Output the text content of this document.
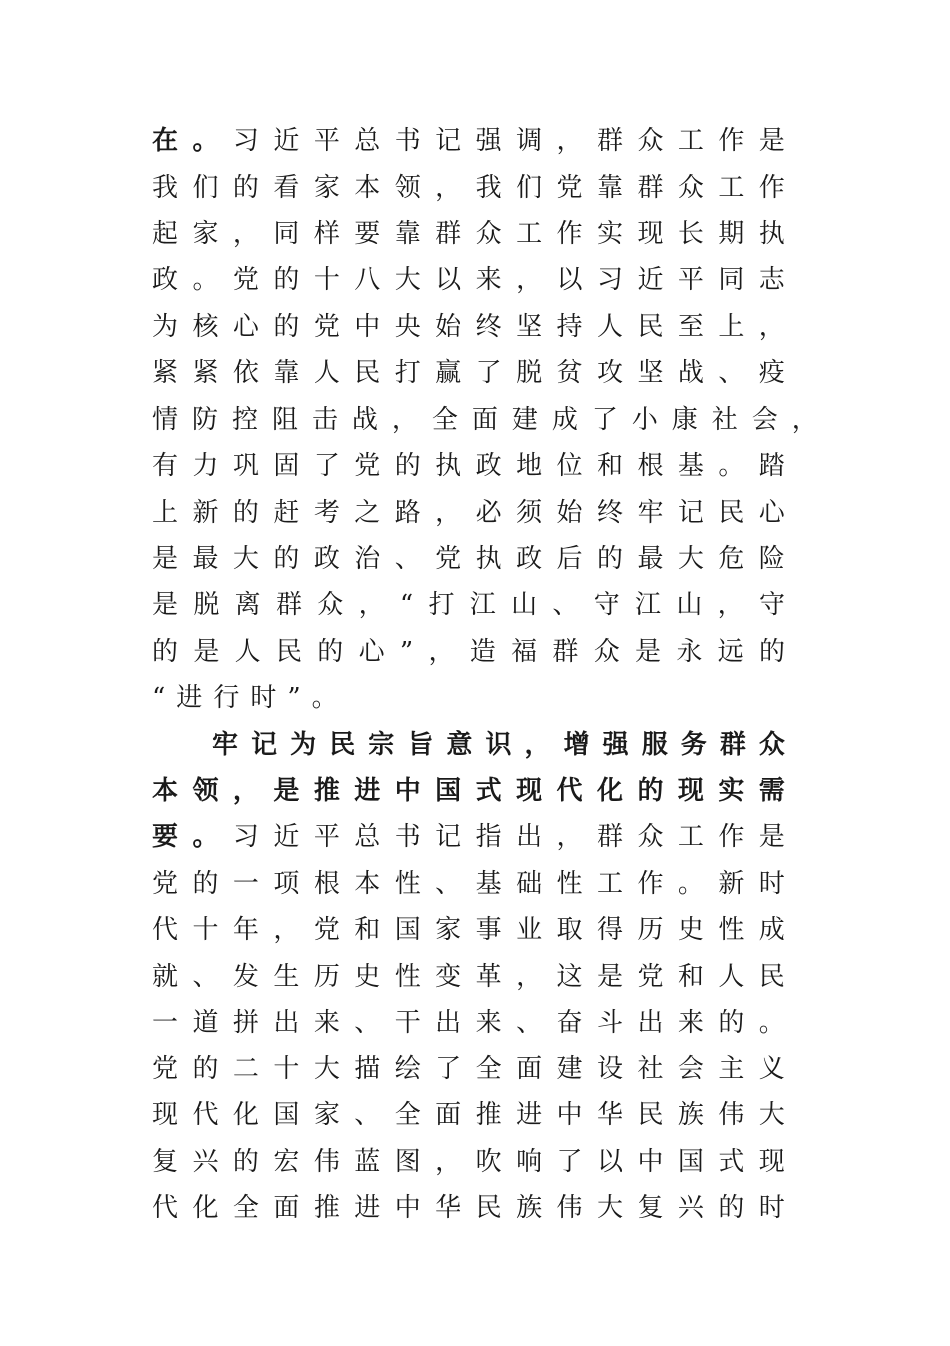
在 。 习 近 平 总 书 记 强 调 ， 群 众 工 作 是
我 们 的 看 家 本 领 ， 我 们 党 靠 群 众 工 作
起 家 ， 同 样 要 靠 群 众 工 作 实 现 长 期 执
政 。 党 的 十 八 大 以 来 ， 以 习 近 平 同 志
为 核 心 的 党 中 央 始 终 坚 持 人 民 至 上 ，
紧 紧 依 靠 人 民 打 赢 了 脱 贫 攻 坚 战 、 疫
情 防 控 阻 击 战 ， 全 面 建 成 了 小 康 社 会 ，
有 力 巩 固 了 党 的 执 政 地 位 和 根 基 。 踏
上 新 的 赶 考 之 路 ， 必 须 始 终 牢 记 民 心
是 最 大 的 政 治 、 党 执 政 后 的 最 大 危 险
是 脱 离 群 众 ， “ 打 江 山 、 守 江 山 ， 守
的 是 人 民 的 心 ” ， 造 福 群 众 是 永 远 的
“进行时”。
牢 记 为 民 宗 旨 意 识 ， 增 强 服 务 群 众
本 领 ， 是 推 进 中 国 式 现 代 化 的 现 实 需
要 。 习 近 平 总 书 记 指 出 ， 群 众 工 作 是
党 的 一 项 根 本 性 、 基 础 性 工 作 。 新 时
代 十 年 ， 党 和 国 家 事 业 取 得 历 史 性 成
就 、 发 生 历 史 性 变 革 ， 这 是 党 和 人 民
一 道 拼 出 来 、 干 出 来 、 奋 斗 出 来 的 。
党 的 二 十 大 描 绘 了 全 面 建 设 社 会 主 义
现 代 化 国 家 、 全 面 推 进 中 华 民 族 伟 大
复 兴 的 宏 伟 蓝 图 ， 吹 响 了 以 中 国 式 现
代 化 全 面 推 进 中 华 民 族 伟 大 复 兴 的 时
